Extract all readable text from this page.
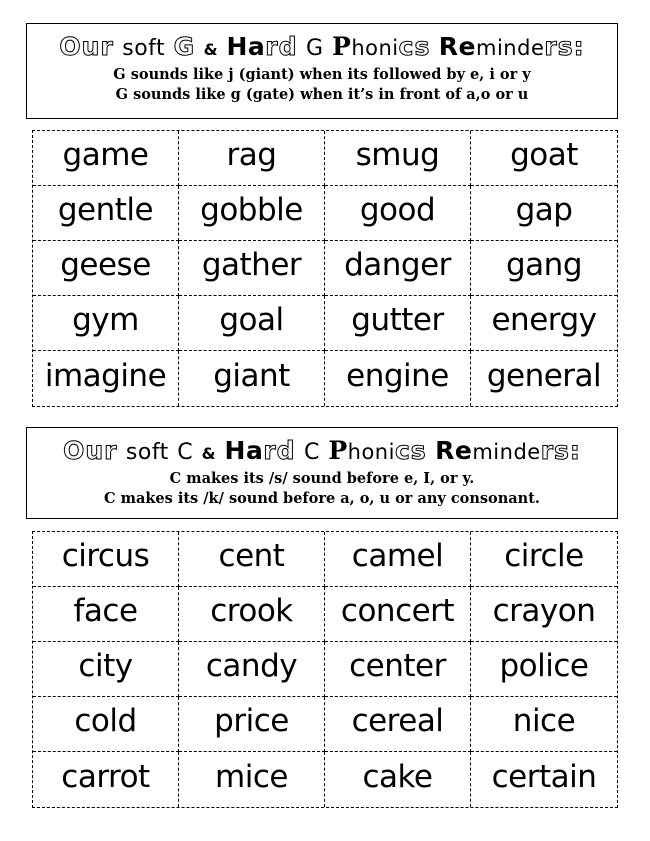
Our soft G & Hard G Phonics Reminders:
G sounds like j (giant) when its followed by e, i or y
G sounds like g (gate) when it’s in front of a,o or u
game	rag	smug	goat
gentle	gobble	good	gap
geese	gather	danger	gang
gym	goal	gutter	energy
imagine	giant	engine	general
Our soft C & Hard C Phonics Reminders:
C makes its /s/ sound before e, I, or y.
C makes its /k/ sound before a, o, u or any consonant.
circus	cent	camel	circle
face	crook	concert	crayon
city	candy	center	police
cold	price	cereal	nice
carrot	mice	cake	certain
